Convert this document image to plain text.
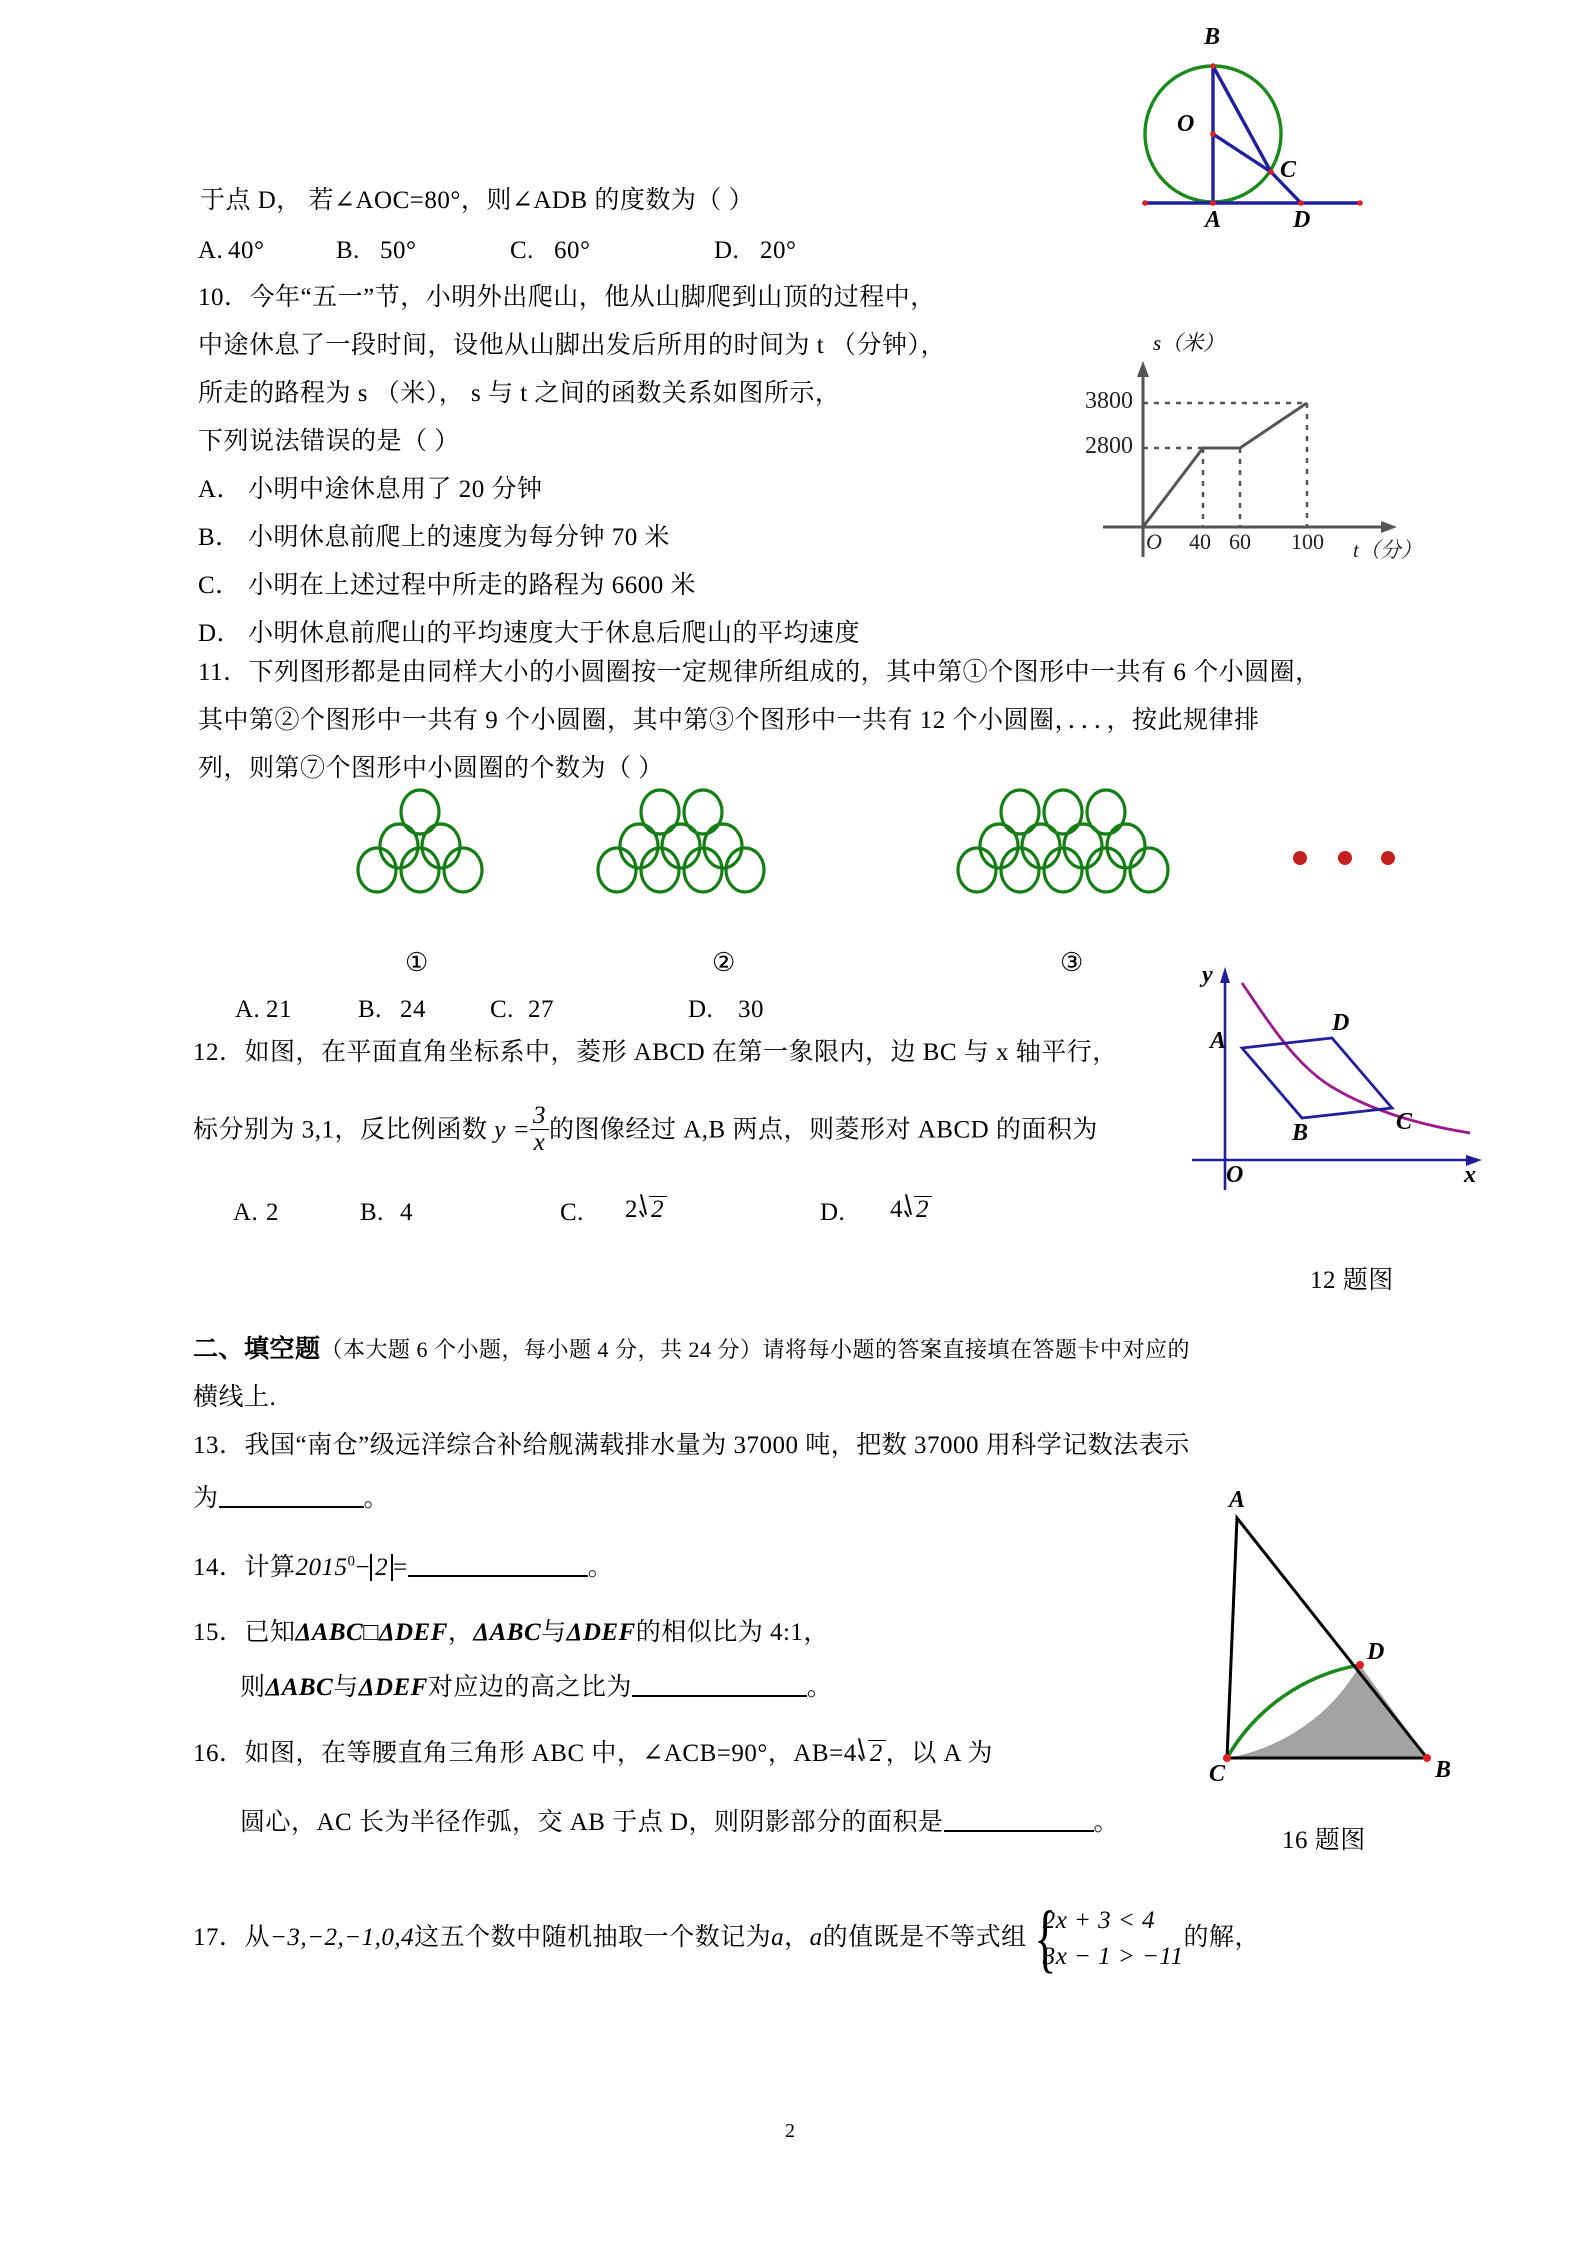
B
O
C
A	D
于点 D， 若∠AOC=80°，则∠ADB 的度数为（ ）
A. 40°	B. 50°	C. 60°	D. 20°
10．今年“五一”节，小明外出爬山，他从山脚爬到山顶的过程中，
中途休息了一段时间，设他从山脚出发后所用的时间为 t （分钟），
所走的路程为 s （米）， s 与 t 之间的函数关系如图所示，
下列说法错误的是（ ）
A． 小明中途休息用了 20 分钟
B． 小明休息前爬上的速度为每分钟 70 米
C． 小明在上述过程中所走的路程为 6600 米
D． 小明休息前爬山的平均速度大于休息后爬山的平均速度
s（米）
3800
2800
O 40 60 100 t（分）
11．下列图形都是由同样大小的小圆圈按一定规律所组成的，其中第①个图形中一共有 6 个小圆圈，
其中第②个图形中一共有 9 个小圆圈，其中第③个图形中一共有 12 个小圆圈，．．．，按此规律排
列，则第⑦个图形中小圆圈的个数为（ ）
①	②	③
A. 21	B. 24	C. 27	D. 30
12．如图，在平面直角坐标系中，菱形 ABCD 在第一象限内，边 BC 与 x 轴平行，
标分别为 3,1，反比例函数 $y = \frac{3}{x}$ 的图像经过 A,B 两点，则菱形对 ABCD 的面积为
A. 2	B. 4	C. 2 2	D. 4 2
A
D
B	C
y
x
O
12 题图
二、填空题（本大题 6 个小题，每小题 4 分，共 24 分）请将每小题的答案直接填在答题卡中对应的
横线上.
13．我国“南仓”级远洋综合补给舰满载排水量为 37000 吨，把数 37000 用科学记数法表示
为	。
14．计算$2015^0- 2$ =	。
15．已知ΔABC□ΔDEF，ΔABC与ΔDEF的相似比为 4:1，
则ΔABC与ΔDEF对应边的高之比为	。
16．如图，在等腰直角三角形 ABC 中，∠ACB=90°，AB=4 2 ，以 A 为
圆心，AC 长为半径作弧，交 AB 于点 D，则阴影部分的面积是	。
A
D
C	B
16 题图
17．从−3,−2,−1,0,4这五个数中随机抽取一个数记为a，a的值既是不等式组 {
2x + 3 < 4
3x − 1 > −11
的解，
2
